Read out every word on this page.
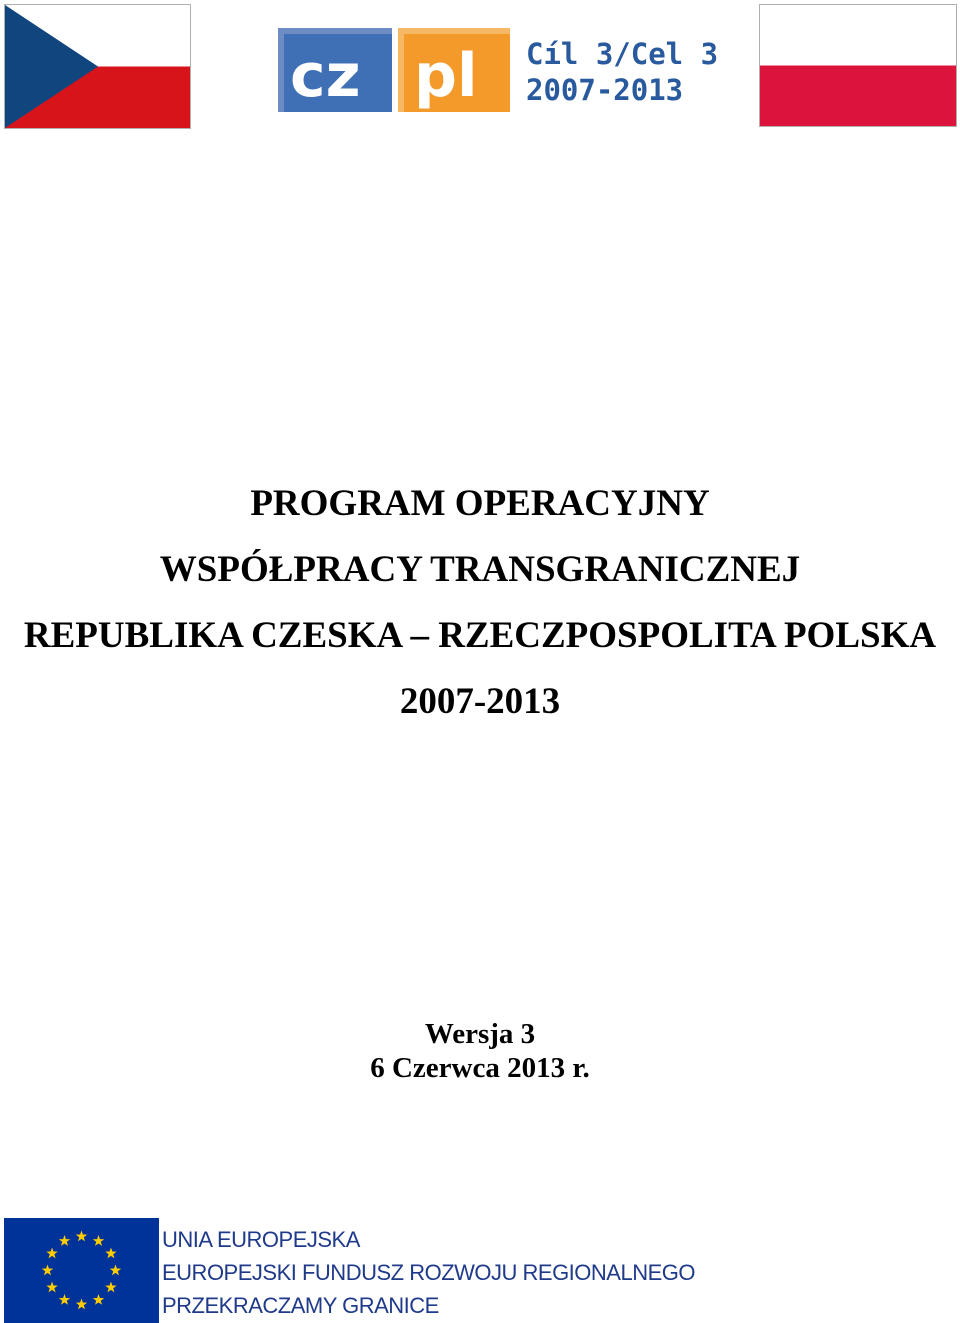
cz pl Cíl 3/Cel 3
2007-2013
PROGRAM OPERACYJNY
WSPÓŁPRACY TRANSGRANICZNEJ
REPUBLIKA CZESKA – RZECZPOSPOLITA POLSKA
2007-2013
Wersja 3
6 Czerwca 2013 r.
UNIA EUROPEJSKA
EUROPEJSKI FUNDUSZ ROZWOJU REGIONALNEGO
PRZEKRACZAMY GRANICE
